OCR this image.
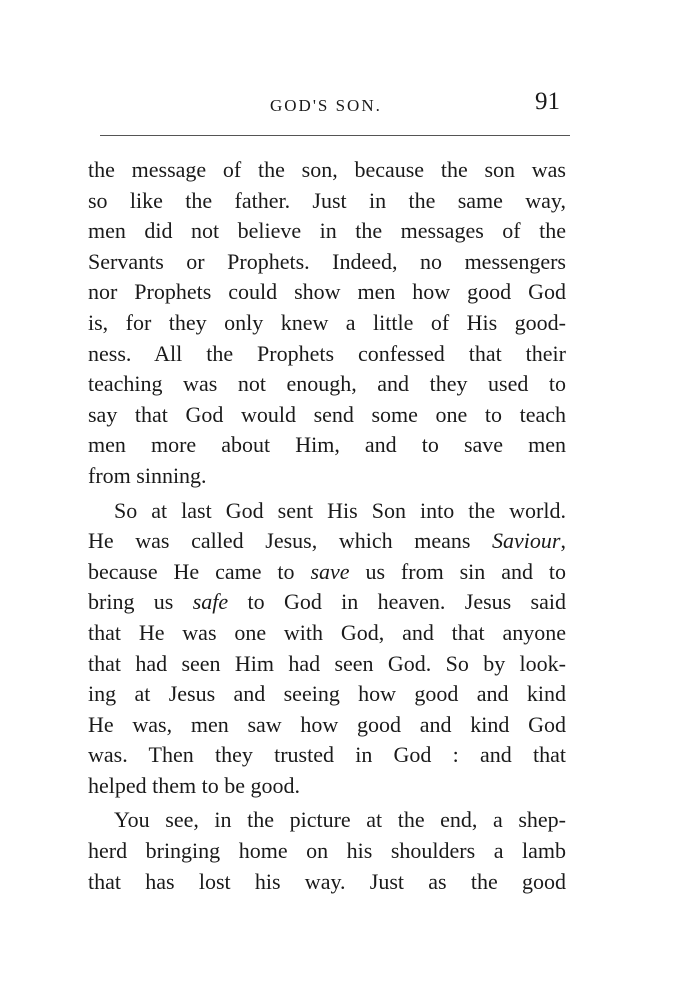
GOD'S SON.	91
the message of the son, because the son was
so like the father. Just in the same way,
men did not believe in the messages of the
Servants or Prophets. Indeed, no messengers
nor Prophets could show men how good God
is, for they only knew a little of His good-
ness. All the Prophets confessed that their
teaching was not enough, and they used to
say that God would send some one to teach
men more about Him, and to save men
from sinning.
So at last God sent His Son into the world.
He was called Jesus, which means Saviour,
because He came to save us from sin and to
bring us safe to God in heaven. Jesus said
that He was one with God, and that anyone
that had seen Him had seen God. So by look-
ing at Jesus and seeing how good and kind
He was, men saw how good and kind God
was. Then they trusted in God : and that
helped them to be good.
You see, in the picture at the end, a shep-
herd bringing home on his shoulders a lamb
that has lost his way. Just as the good
